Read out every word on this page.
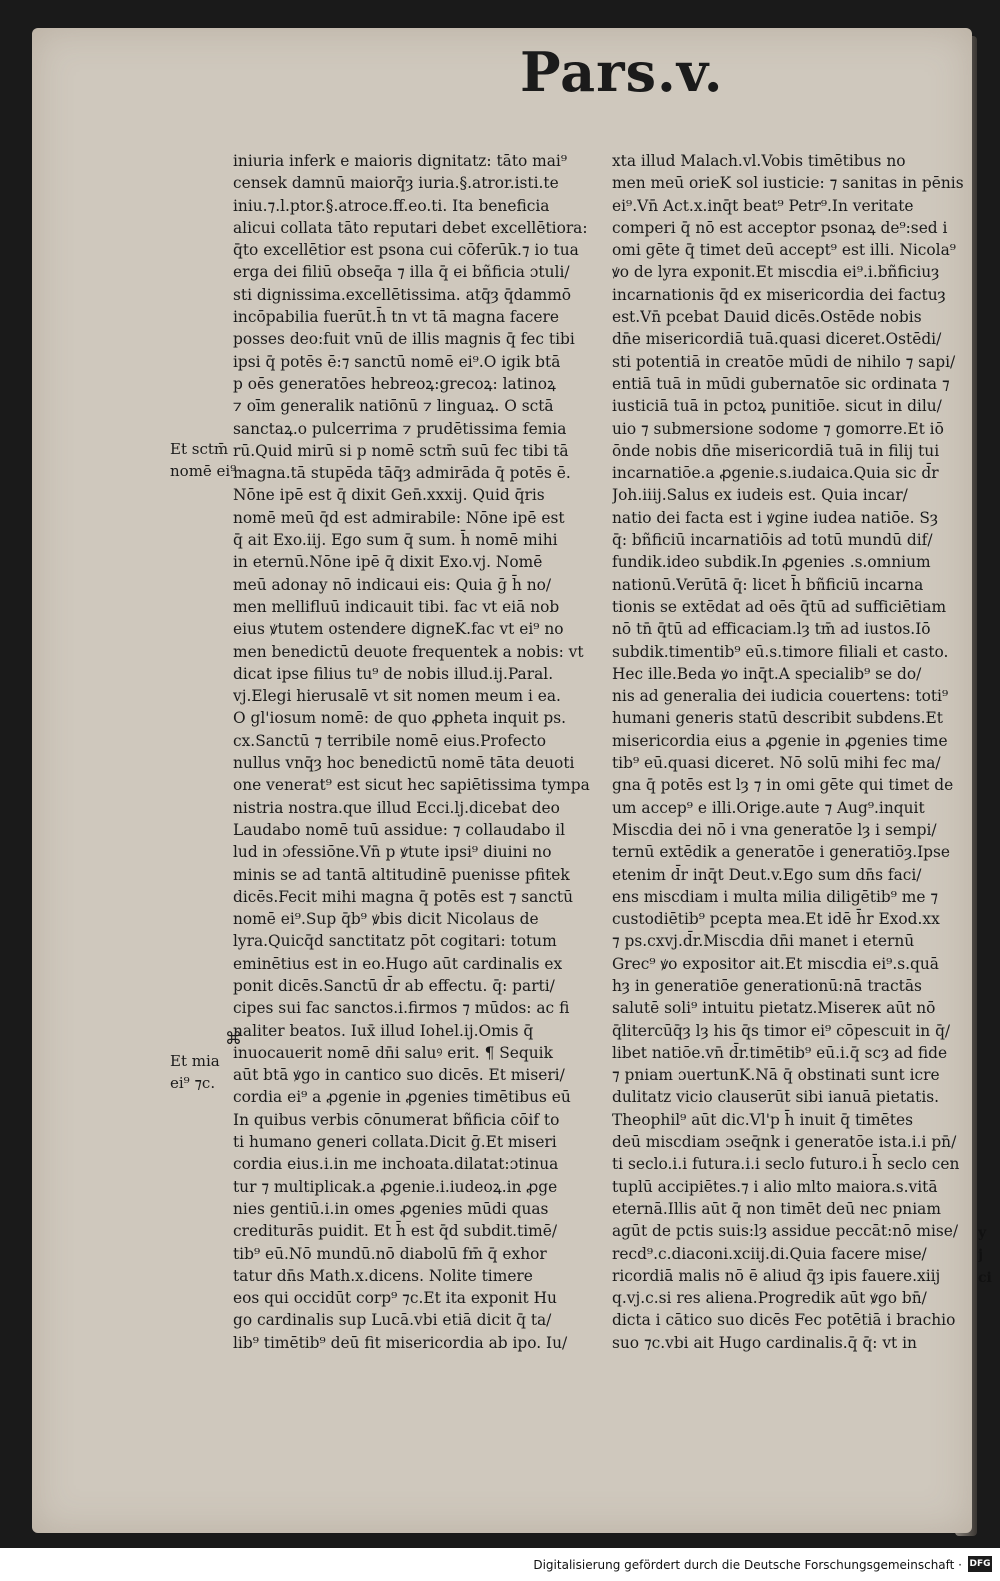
Pars.v.
iniuria inferk e maioris dignitatz: tāto mai⁹
censek damnū maiorq̄ȝ iuria.§.atror.isti.te
iniu.⁊.l.ptor.§.atroce.ff.eo.ti. Ita beneficia
alicui collata tāto reputari debet excellētiora:
q̄to excellētior est psona cui cōferūk.⁊ io tua
erga dei filiū obseq̄a ⁊ illa q̄ ei bñficia ɔtuli/
sti dignissima.excellētissima. atq̄ȝ q̄dammō
incōpabilia fuerūt.h̄ tn vt tā magna facere
posses deo:fuit vnū de illis magnis q̄ fec tibi
ipsi q̄ potēs ē:⁊ sanctū nomē ei⁹.O igik btā
p oēs generatōes hebreoꝝ:grecoꝝ: latinoꝝ
⁊ oīm generalik natiōnū ⁊ linguaꝝ. O sctā
sanctaꝝ.o pulcerrima ⁊ prudētissima femia
rū.Quid mirū si p nomē sctm̄ suū fec tibi tā
magna.tā stupēda tāq̄ȝ admirāda q̄ potēs ē.
Nōne ipē est q̄ dixit Gen̄.xxxij. Quid q̄ris
nomē meū q̄d est admirabile: Nōne ipē est
q̄ ait Exo.iij. Ego sum q̄ sum. h̄ nomē mihi
in eternū.Nōne ipē q̄ dixit Exo.vj. Nomē
meū adonay nō indicaui eis: Quia ḡ h̄ no/
men mellifluū indicauit tibi. fac vt eiā nob
eius ꝟtutem ostendere digneK.fac vt ei⁹ no
men benedictū deuote frequentek a nobis: vt
dicat ipse filius tu⁹ de nobis illud.ij.Paral.
vj.Elegi hierusalē vt sit nomen meum i ea.
O gl'iosum nomē: de quo ꝓpheta inquit ps.
cx.Sanctū ⁊ terribile nomē eius.Profecto
nullus vnq̄ȝ hoc benedictū nomē tāta deuoti
one venerat⁹ est sicut hec sapiētissima tympa
nistria nostra.que illud Ecci.lj.dicebat deo
Laudabo nomē tuū assidue: ⁊ collaudabo il
lud in ɔfessiōne.Vn̄ p ꝟtute ipsi⁹ diuini no
minis se ad tantā altitudinē puenisse pfitek
dicēs.Fecit mihi magna q̄ potēs est ⁊ sanctū
nomē ei⁹.Sup q̄b⁹ ꝟbis dicit Nicolaus de
lyra.Quicq̄d sanctitatz pōt cogitari: totum
eminētius est in eo.Hugo aūt cardinalis ex
ponit dicēs.Sanctū d̄r ab effectu. q̄: parti/
cipes sui fac sanctos.i.firmos ⁊ mūdos: ac fi
naliter beatos. Iux̄ illud Iohel.ij.Omis q̄
inuocauerit nomē dn̄i saluꝰ erit. ¶ Sequik
aūt btā ꝟgo in cantico suo dicēs. Et miseri/
cordia ei⁹ a ꝓgenie in ꝓgenies timētibus eū
In quibus verbis cōnumerat bñficia cōif to
ti humano generi collata.Dicit ḡ.Et miseri
cordia eius.i.in me inchoata.dilatat:ɔtinua
tur ⁊ multiplicak.a ꝓgenie.i.iudeoꝝ.in ꝓge
nies gentiū.i.in omes ꝓgenies mūdi quas
crediturās puidit. Et h̄ est q̄d subdit.timē/
tib⁹ eū.Nō mundū.nō diabolū fm̄ q̄ exhor
tatur dn̄s Math.x.dicens. Nolite timere
eos qui occidūt corp⁹ ⁊c.Et ita exponit Hu
go cardinalis sup Lucā.vbi etiā dicit q̄ ta/
lib⁹ timētib⁹ deū fit misericordia ab ipo. Iu/
xta illud Malach.vl.Vobis timētibus no
men meū orieK sol iusticie: ⁊ sanitas in pēnis
ei⁹.Vn̄ Act.x.inq̄t beat⁹ Petr⁹.In veritate
comperi q̄ nō est acceptor psonaꝝ de⁹:sed i
omi gēte q̄ timet deū accept⁹ est illi. Nicola⁹
ꝟo de lyra exponit.Et miscdia ei⁹.i.bñficiuȝ
incarnationis q̄d ex misericordia dei factuȝ
est.Vn̄ pcebat Dauid dicēs.Ostēde nobis
dn̄e misericordiā tuā.quasi diceret.Ostēdi/
sti potentiā in creatōe mūdi de nihilo ⁊ sapi/
entiā tuā in mūdi gubernatōe sic ordinata ⁊
iusticiā tuā in pctoꝝ punitiōe. sicut in dilu/
uio ⁊ submersione sodome ⁊ gomorre.Et iō
ōnde nobis dn̄e misericordiā tuā in filij tui
incarnatiōe.a ꝓgenie.s.iudaica.Quia sic d̄r
Joh.iiij.Salus ex iudeis est. Quia incar/
natio dei facta est i ꝟgine iudea natiōe. Sȝ
q̄: bñficiū incarnatiōis ad totū mundū dif/
fundik.ideo subdik.In ꝓgenies .s.omnium
nationū.Verūtā q̄: licet h̄ bñficiū incarna
tionis se extēdat ad oēs q̄tū ad sufficiētiam
nō tn̄ q̄tū ad efficaciam.lȝ tm̄ ad iustos.Iō
subdik.timentib⁹ eū.s.timore filiali et casto.
Hec ille.Beda ꝟo inq̄t.A specialib⁹ se do/
nis ad generalia dei iudicia couertens: toti⁹
humani generis statū describit subdens.Et
misericordia eius a ꝓgenie in ꝓgenies time
tib⁹ eū.quasi diceret. Nō solū mihi fec ma/
gna q̄ potēs est lȝ ⁊ in omi gēte qui timet de
um accep⁹ e illi.Orige.aute ⁊ Aug⁹.inquit
Miscdia dei nō i vna generatōe lȝ i sempi/
ternū extēdik a generatōe i generatiōȝ.Ipse
etenim d̄r inq̄t Deut.v.Ego sum dn̄s faci/
ens miscdiam i multa milia diligētib⁹ me ⁊
custodiētib⁹ pcepta mea.Et idē h̄r Exod.xx
⁊ ps.cxvj.d̄r.Miscdia dn̄i manet i eternū
Grec⁹ ꝟo expositor ait.Et miscdia ei⁹.s.quā
hȝ in generatiōe generationū:nā tractās
salutē soli⁹ intuitu pietatz.Misereк aūt nō
q̄litercūq̄ȝ lȝ his q̄s timor ei⁹ cōpescuit in q̄/
libet natiōe.vn̄ d̄r.timētib⁹ eū.i.q̄ scȝ ad fide
⁊ pniam ɔuertunK.Nā q̄ obstinati sunt icre
dulitatz vicio clauserūt sibi ianuā pietatis.
Theophil⁹ aūt dic.Vl'p h̄ inuit q̄ timētes
deū miscdiam ɔseq̄nk i generatōe ista.i.i pn̄/
ti seclo.i.i futura.i.i seclo futuro.i h̄ seclo cen
tuplū accipiētes.⁊ i alio mlto maiora.s.vitā
eternā.Illis aūt q̄ non timēt deū nec pniam
agūt de pctis suis:lȝ assidue peccāt:nō mise/
recd⁹.c.diaconi.xciij.di.Quia facere mise/
ricordiā malis nō ē aliud q̄ȝ ipis fauere.xiij
q.vj.c.si res aliena.Progredik aūt ꝟgo bn̄/
dicta i cātico suo dicēs Fec potētiā i brachio
suo ⁊c.vbi ait Hugo cardinalis.q̄ q̄: vt in
Et sctm̄
nomē ei⁹
⌘
Et mia
ei⁹ ⁊c.
y
j
ci
Digitalisierung gefördert durch die Deutsche Forschungsgemeinschaft · DFG
